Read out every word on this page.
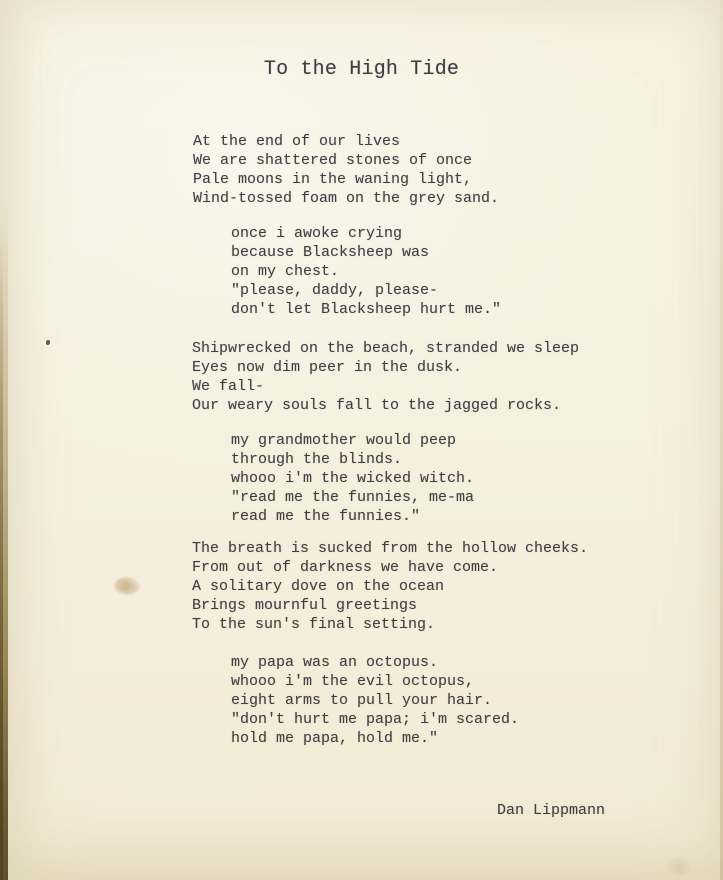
To the High Tide
At the end of our lives
We are shattered stones of once
Pale moons in the waning light,
Wind-tossed foam on the grey sand.
once i awoke crying
because Blacksheep was
on my chest.
"please, daddy, please-
don't let Blacksheep hurt me."
Shipwrecked on the beach, stranded we sleep
Eyes now dim peer in the dusk.
We fall-
Our weary souls fall to the jagged rocks.
my grandmother would peep
through the blinds.
whooo i'm the wicked witch.
"read me the funnies, me-ma
read me the funnies."
The breath is sucked from the hollow cheeks.
From out of darkness we have come.
A solitary dove on the ocean
Brings mournful greetings
To the sun's final setting.
my papa was an octopus.
whooo i'm the evil octopus,
eight arms to pull your hair.
"don't hurt me papa; i'm scared.
hold me papa, hold me."
Dan Lippmann
